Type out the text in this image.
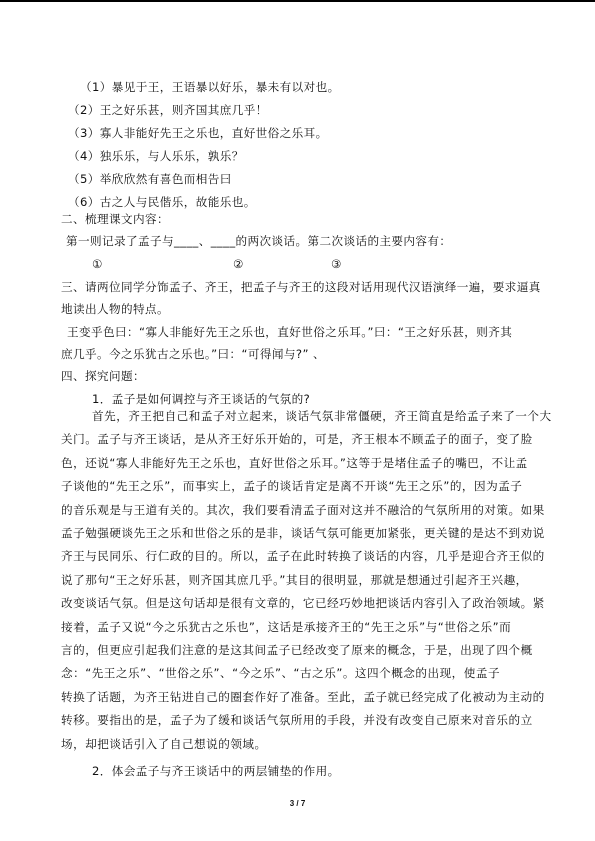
（1）暴见于王，王语暴以好乐，暴未有以对也。
（2）王之好乐甚，则齐国其庶几乎！
（3）寡人非能好先王之乐也，直好世俗之乐耳。
（4）独乐乐，与人乐乐，孰乐？
（5）举欣欣然有喜色而相告曰
（6）古之人与民偕乐，故能乐也。
二、梳理课文内容：
第一则记录了孟子与____、____的两次谈话。第二次谈话的主要内容有：
①	②	③
三、请两位同学分饰孟子、齐王，把孟子与齐王的这段对话用现代汉语演绎一遍，要求逼真
地读出人物的特点。
王变乎色曰：“寡人非能好先王之乐也，直好世俗之乐耳。”曰：“王之好乐甚，则齐其
庶几乎。今之乐犹古之乐也。”曰：“可得闻与?” 、
四、探究问题：
1．孟子是如何调控与齐王谈话的气氛的?
首先，齐王把自己和孟子对立起来，谈话气氛非常僵硬，齐王简直是给孟子来了一个大
关门。孟子与齐王谈话，是从齐王好乐开始的，可是，齐王根本不顾孟子的面子，变了脸
色，还说“寡人非能好先王之乐也，直好世俗之乐耳。”这等于是堵住孟子的嘴巴，不让孟
子谈他的“先王之乐”，而事实上，孟子的谈话肯定是离不开谈“先王之乐”的，因为孟子
的音乐观是与王道有关的。其次，我们要看清孟子面对这并不融洽的气氛所用的对策。如果
孟子勉强硬谈先王之乐和世俗之乐的是非，谈话气氛可能更加紧张，更关键的是达不到劝说
齐王与民同乐、行仁政的目的。所以，孟子在此时转换了谈话的内容，几乎是迎合齐王似的
说了那句“王之好乐甚，则齐国其庶几乎。”其目的很明显，那就是想通过引起齐王兴趣，
改变谈话气氛。但是这句话却是很有文章的，它已经巧妙地把谈话内容引入了政治领域。紧
接着，孟子又说“今之乐犹古之乐也”，这话是承接齐王的“先王之乐”与“世俗之乐”而
言的，但更应引起我们注意的是这其间孟子已经改变了原来的概念，于是，出现了四个概
念：“先王之乐”、“世俗之乐”、“今之乐”、“古之乐”。这四个概念的出现，使孟子
转换了话题，为齐王钻进自己的圈套作好了准备。至此，孟子就已经完成了化被动为主动的
转移。要指出的是，孟子为了缓和谈话气氛所用的手段，并没有改变自己原来对音乐的立
场，却把谈话引入了自己想说的领域。
2．体会孟子与齐王谈话中的两层铺垫的作用。
3 / 7
